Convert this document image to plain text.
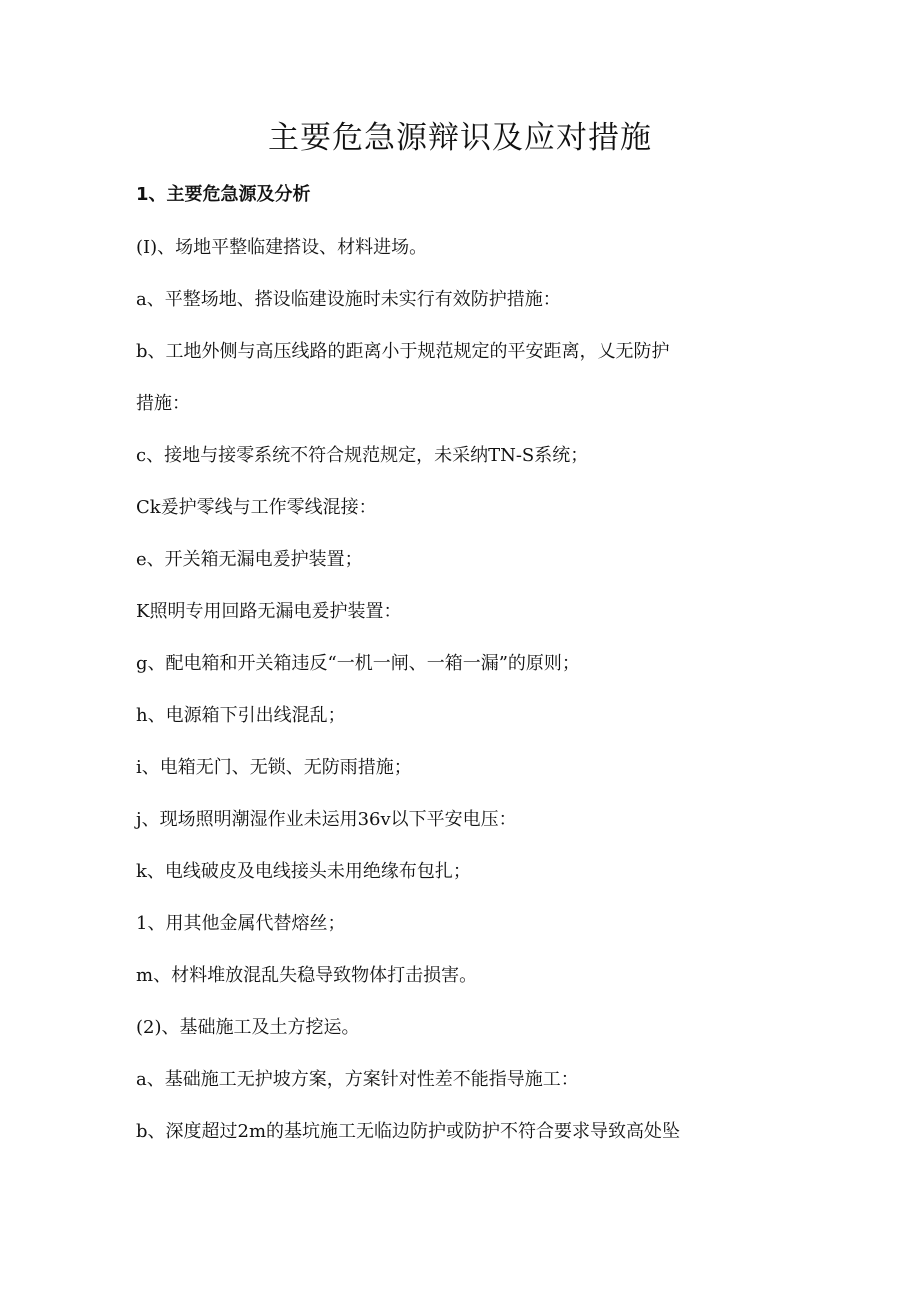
主要危急源辩识及应对措施
1、主要危急源及分析
(I)、场地平整临建搭设、材料进场。
a、平整场地、搭设临建设施时未实行有效防护措施：
b、工地外侧与高压线路的距离小于规范规定的平安距离，乂无防护
措施：
c、接地与接零系统不符合规范规定，未采纳TN-S系统；
Ck爰护零线与工作零线混接：
e、开关箱无漏电爰护装置；
K照明专用回路无漏电爰护装置：
g、配电箱和开关箱违反“一机一闸、一箱一漏”的原则；
h、电源箱下引出线混乱；
i、电箱无门、无锁、无防雨措施；
j、现场照明潮湿作业未运用36v以下平安电压：
k、电线破皮及电线接头未用绝缘布包扎；
1、用其他金属代替熔丝；
m、材料堆放混乱失稳导致物体打击损害。
(2)、基础施工及土方挖运。
a、基础施工无护坡方案，方案针对性差不能指导施工：
b、深度超过2m的基坑施工无临边防护或防护不符合要求导致高处坠
